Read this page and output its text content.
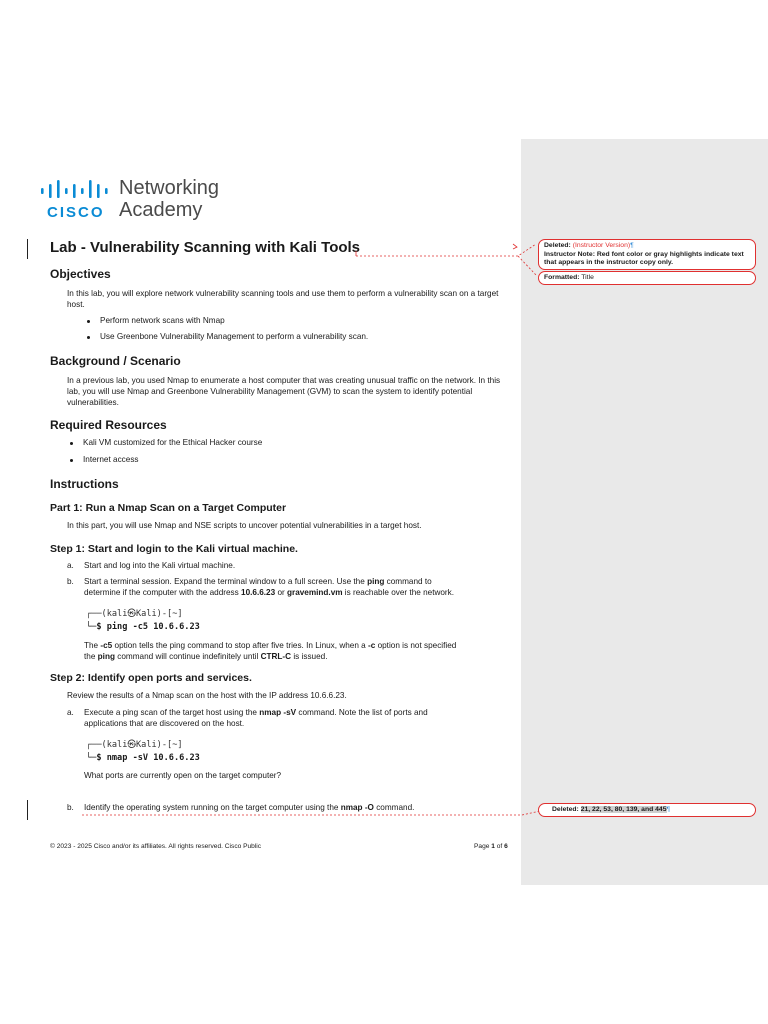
CISCO
Networking
Academy
Lab - Vulnerability Scanning with Kali Tools
Objectives
In this lab, you will explore network vulnerability scanning tools and use them to perform a vulnerability scan on a target host.
Perform network scans with Nmap
Use Greenbone Vulnerability Management to perform a vulnerability scan.
Background / Scenario
In a previous lab, you used Nmap to enumerate a host computer that was creating unusual traffic on the network. In this lab, you will use Nmap and Greenbone Vulnerability Management (GVM) to scan the system to identify potential vulnerabilities.
Required Resources
Kali VM customized for the Ethical Hacker course
Internet access
Instructions
Part 1: Run a Nmap Scan on a Target Computer
In this part, you will use Nmap and NSE scripts to uncover potential vulnerabilities in a target host.
Step 1: Start and login to the Kali virtual machine.
a. Start and log into the Kali virtual machine.
b. Start a terminal session. Expand the terminal window to a full screen. Use the ping command to
determine if the computer with the address 10.6.6.23 or gravemind.vm is reachable over the network.
┌──(kali㉿Kali)-[~]
└─$ ping -c5 10.6.6.23
The -c5 option tells the ping command to stop after five tries. In Linux, when a -c option is not specified
the ping command will continue indefinitely until CTRL-C is issued.
Step 2: Identify open ports and services.
Review the results of a Nmap scan on the host with the IP address 10.6.6.23.
a. Execute a ping scan of the target host using the nmap -sV command. Note the list of ports and
applications that are discovered on the host.
┌──(kali㉿Kali)-[~]
└─$ nmap -sV 10.6.6.23
What ports are currently open on the target computer?
b. Identify the operating system running on the target computer using the nmap -O command.
Deleted: (Instructor Version)¶
Instructor Note: Red font color or gray highlights indicate text that appears in the instructor copy only.
Formatted: Title
Deleted: 21, 22, 53, 80, 139, and 445¶
© 2023 - 2025 Cisco and/or its affiliates. All rights reserved. Cisco Public	Page 1 of 6
